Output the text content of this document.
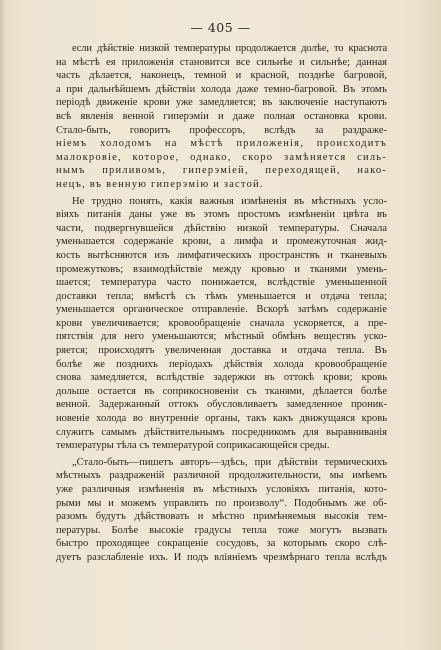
— 405 —
если дѣйствіе низкой температуры продолжается долѣе, то краснота
на мѣстѣ ея приложенія становится все сильнѣе и сильнѣе; данная
часть дѣлается, наконецъ, темной и красной, позднѣе багровой,
а при дальнѣйшемъ дѣйствіи холода даже темно-багровой. Въ этомъ
періодѣ движеніе крови уже замедляется; въ заключеніе наступаютъ
всѣ явленія венной гиперэміи и даже полная остановка крови.
Стало-быть, говоритъ профессоръ, вслѣдъ за раздраже-
ніемъ холодомъ на мѣстѣ приложенія, происходитъ
малокровіе, которое, однако, скоро замѣняется силь-
нымъ приливомъ, гиперэміей, переходящей, нако-
нецъ, въ венную гиперэмію и застой.
Не трудно понять, какія важныя измѣненія въ мѣстныхъ усло-
віяхъ питанія даны уже въ этомъ простомъ измѣненіи цвѣта въ
части, подвергнувшейся дѣйствію низкой температуры. Сначала
уменьшается содержаніе крови, а лимфа и промежуточная жид-
кость вытѣсняются изъ лимфатическихъ пространствъ и тканевыхъ
промежутковъ; взаимодѣйствіе между кровью и тканями умень-
шается; температура часто понижается, вслѣдствіе уменьшенной
доставки тепла; вмѣстѣ съ тѣмъ уменьшается и отдача тепла;
уменьшается органическое отправленіе. Вскорѣ затѣмъ содержаніе
крови увеличивается; кровообращеніе сначала ускоряется, а пре-
пятствія для него уменьшаются; мѣстный обмѣнъ веществъ уско-
ряется; происходятъ увеличенная доставка и отдача тепла. Въ
болѣе же позднихъ періодахъ дѣйствія холода кровообращеніе
снова замедляется, вслѣдствіе задержки въ оттокѣ крови; кровь
дольше остается въ соприкосновеніи съ тканями, дѣлается болѣе
венной. Задержанный оттокъ обусловливаетъ замедленное проник-
новеніе холода во внутренніе органы, такъ какъ движущаяся кровь
служитъ самымъ дѣйствительнымъ посредникомъ для выравниванія
температуры тѣла съ температурой соприкасающейся среды.
„Стало-быть—пишетъ авторъ—здѣсь, при дѣйствіи термическихъ
мѣстныхъ раздраженій различной продолжительности, мы имѣемъ
уже различныя измѣненія въ мѣстныхъ условіяхъ питанія, кото-
рыми мы и можемъ управлять по произволу“. Подобнымъ же об-
разомъ будутъ дѣйствовать и мѣстно примѣняемыя высокія тем-
пературы. Болѣе высокіе градусы тепла тоже могутъ вызвать
быстро проходящее сокращеніе сосудовъ, за которымъ скоро слѣ-
дуетъ разслабленіе ихъ. И подъ вліяніемъ чрезмѣрнаго тепла вслѣдъ
